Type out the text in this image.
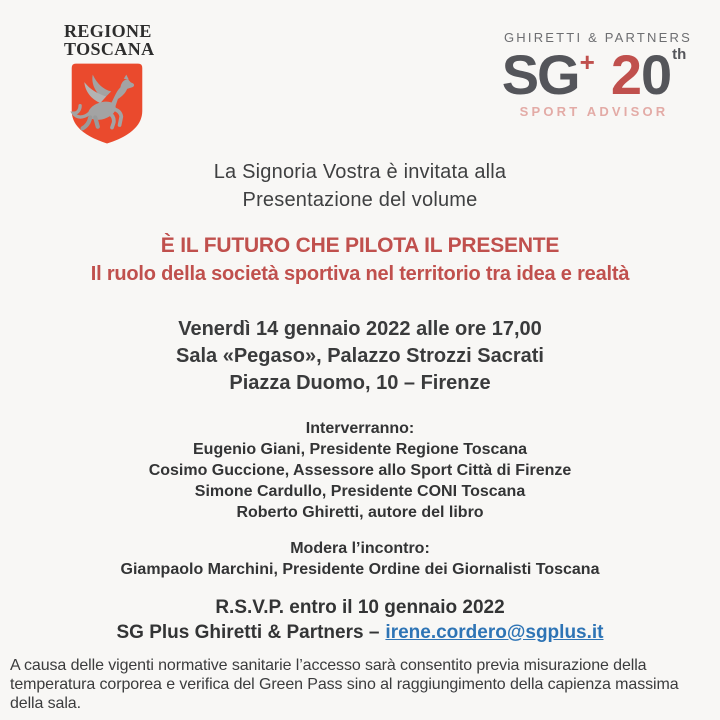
REGIONE
TOSCANA
GHIRETTI & PARTNERS
SG + 2 0 th
SPORT ADVISOR
La Signoria Vostra è invitata alla
Presentazione del volume
È IL FUTURO CHE PILOTA IL PRESENTE
Il ruolo della società sportiva nel territorio tra idea e realtà
Venerdì 14 gennaio 2022 alle ore 17,00
Sala «Pegaso», Palazzo Strozzi Sacrati
Piazza Duomo, 10 – Firenze
Interverranno:
Eugenio Giani, Presidente Regione Toscana
Cosimo Guccione, Assessore allo Sport Città di Firenze
Simone Cardullo, Presidente CONI Toscana
Roberto Ghiretti, autore del libro
Modera l’incontro:
Giampaolo Marchini, Presidente Ordine dei Giornalisti Toscana
R.S.V.P. entro il 10 gennaio 2022
SG Plus Ghiretti & Partners – irene.cordero@sgplus.it
A causa delle vigenti normative sanitarie l’accesso sarà consentito previa misurazione della temperatura corporea e verifica del Green Pass sino al raggiungimento della capienza massima della sala.
